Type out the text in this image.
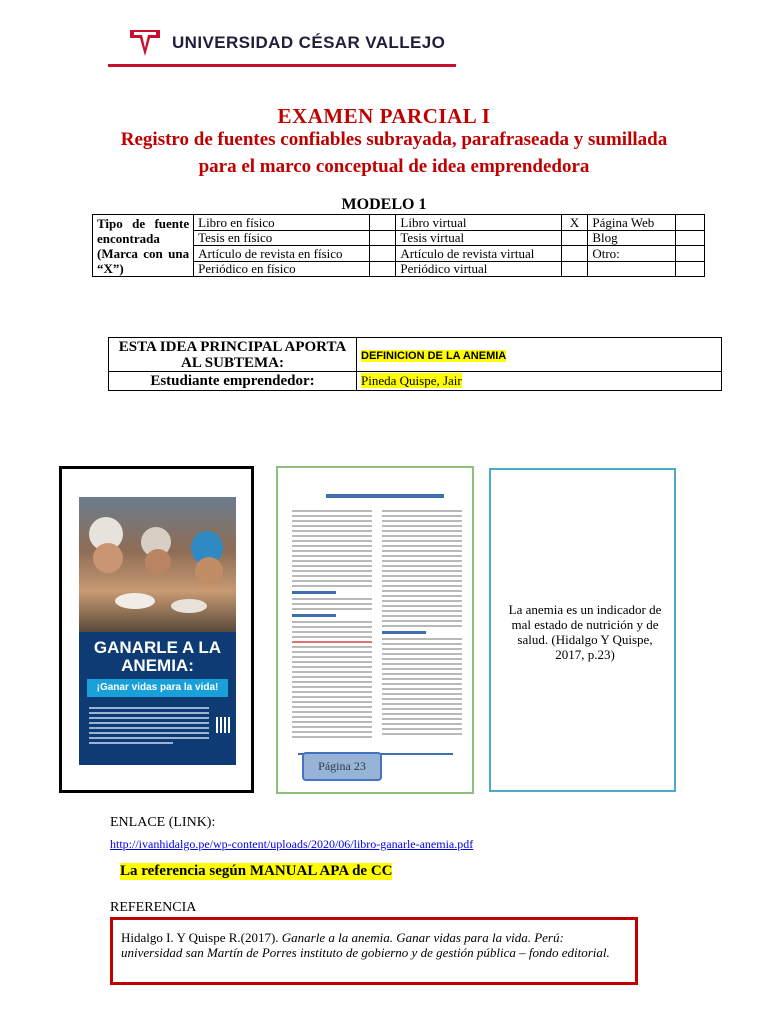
UNIVERSIDAD CÉSAR VALLEJO
EXAMEN PARCIAL I
Registro de fuentes confiables subrayada, parafraseada y sumillada para el marco conceptual de idea emprendedora
MODELO 1
Tipo de fuente encontrada (Marca con una “X”)	Libro en físico		Libro virtual	X	Página Web	
	Tesis en físico		Tesis virtual		Blog	
	Artículo de revista en físico		Artículo de revista virtual		Otro:	
	Periódico en físico		Periódico virtual			
ESTA IDEA PRINCIPAL APORTA AL SUBTEMA:	DEFINICION DE LA ANEMIA
Estudiante emprendedor:	Pineda Quispe, Jair
GANARLE A LA ANEMIA:
¡Ganar vidas para la vida!
Página 23
La anemia es un indicador de mal estado de nutrición y de salud. (Hidalgo Y Quispe, 2017, p.23)
ENLACE (LINK):
http://ivanhidalgo.pe/wp-content/uploads/2020/06/libro-ganarle-anemia.pdf
La referencia según MANUAL APA de CC
REFERENCIA
Hidalgo I. Y Quispe R.(2017). Ganarle a la anemia. Ganar vidas para la vida. Perú: universidad san Martín de Porres instituto de gobierno y de gestión pública – fondo editorial.
